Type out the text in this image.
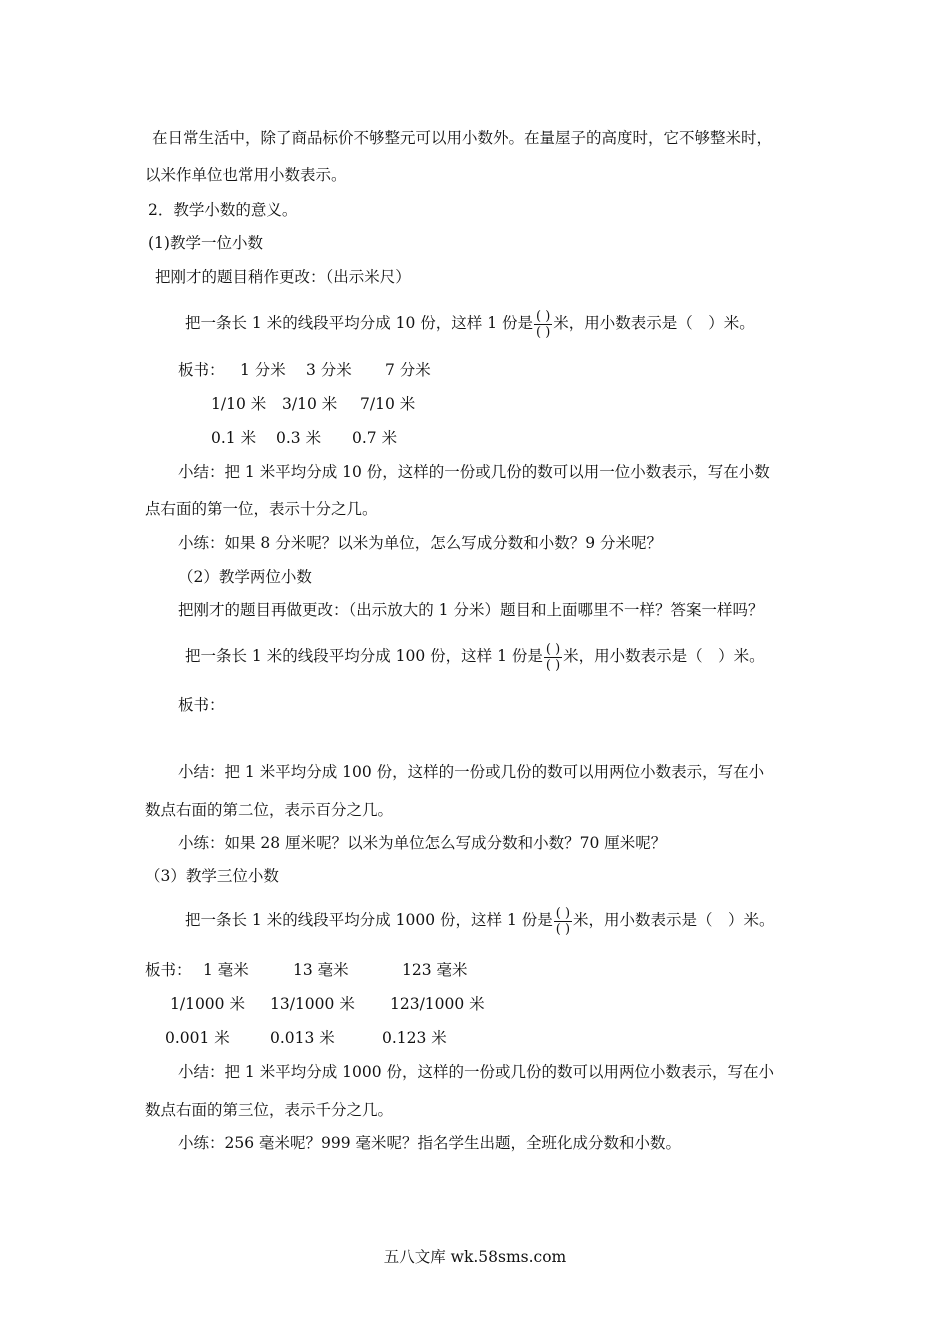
在日常生活中，除了商品标价不够整元可以用小数外。在量屋子的高度时，它不够整米时，
以米作单位也常用小数表示。
2．教学小数的意义。
(1)教学一位小数
把刚才的题目稍作更改：（出示米尺）
把一条长 1 米的线段平均分成 10 份，这样 1 份是 $\frac{( )}{( )}$ 米，用小数表示是（　）米。
板书： 1 分米 3 分米 7 分米
1/10 米 3/10 米 7/10 米
0.1 米 0.3 米 0.7 米
小结：把 1 米平均分成 10 份，这样的一份或几份的数可以用一位小数表示，写在小数
点右面的第一位，表示十分之几。
小练：如果 8 分米呢？以米为单位，怎么写成分数和小数？9 分米呢？
（2）教学两位小数
把刚才的题目再做更改：（出示放大的 1 分米）题目和上面哪里不一样？答案一样吗？
把一条长 1 米的线段平均分成 100 份，这样 1 份是 $\frac{( )}{( )}$ 米，用小数表示是（　）米。
板书：
小结：把 1 米平均分成 100 份，这样的一份或几份的数可以用两位小数表示，写在小
数点右面的第二位，表示百分之几。
小练：如果 28 厘米呢？以米为单位怎么写成分数和小数？70 厘米呢？
（3）教学三位小数
把一条长 1 米的线段平均分成 1000 份，这样 1 份是 $\frac{( )}{( )}$ 米，用小数表示是（　）米。
板书： 1 毫米	13 毫米	123 毫米
1/1000 米 13/1000 米 123/1000 米
0.001 米	0.013 米	0.123 米
小结：把 1 米平均分成 1000 份，这样的一份或几份的数可以用两位小数表示，写在小
数点右面的第三位，表示千分之几。
小练：256 毫米呢？999 毫米呢？指名学生出题，全班化成分数和小数。
五八文库 wk.58sms.com
